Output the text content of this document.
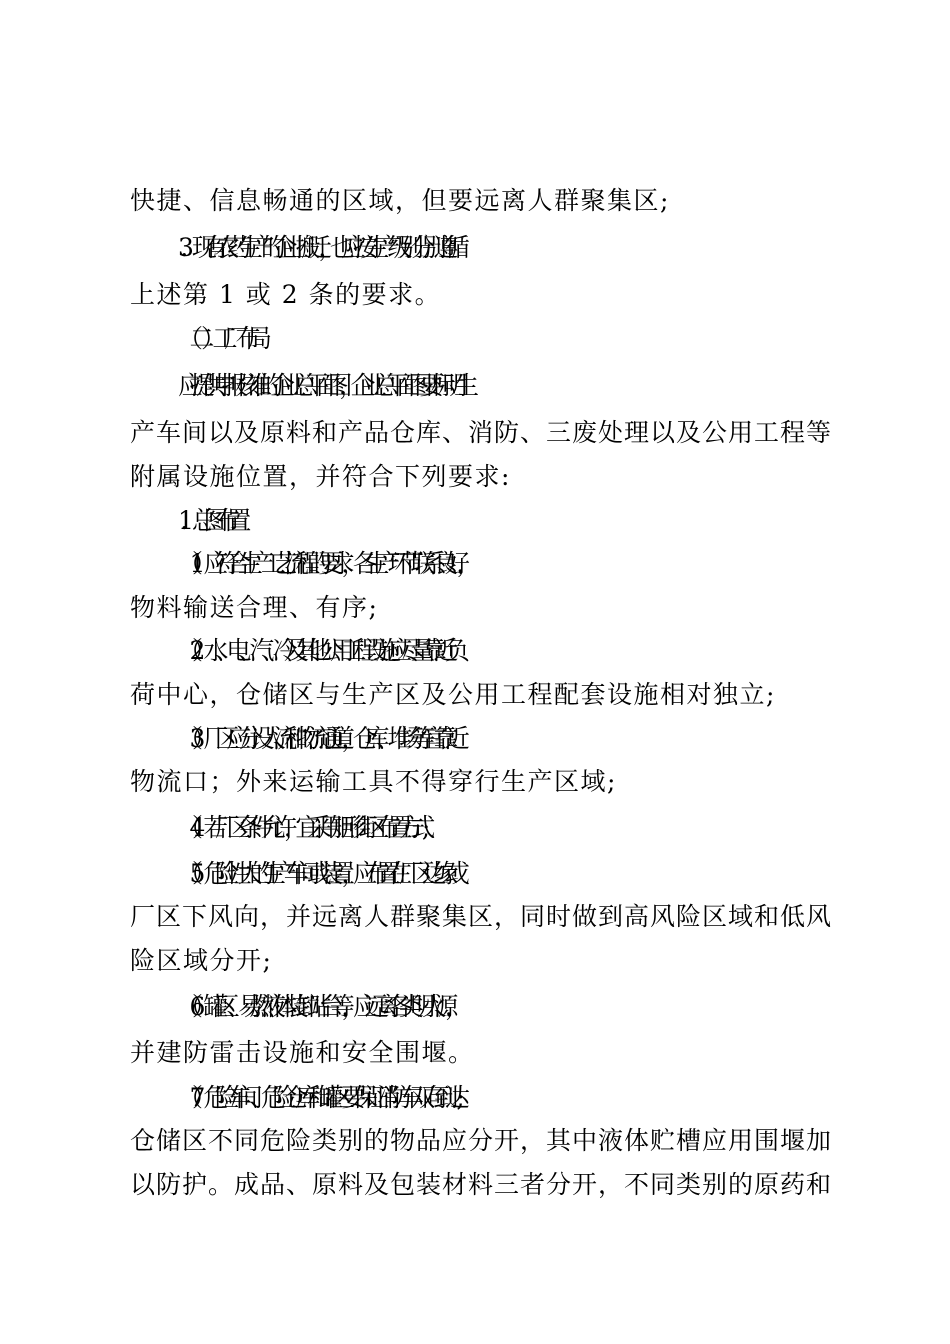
快捷、信息畅通的区域，但要远离人群聚集区;
3．现有农药生产的企业搬迁，也应按生产级别分别遵循
上述第 1 或 2 条的要求。
（二）工厂布局
应提供申报核准的企业总平面图，企业总平面图要标明生
产车间以及原料和产品仓库、消防、三废处理以及公用工程等
附属设施位置，并符合下列要求:
1．总图布置
（1）应符合生产工艺流程的要求，各生产环节联系良好，
物料输送合理、有序;
（2）水、电、汽、冷及其他公用工程设施应尽量靠近负
荷中心，仓储区与生产区及公用工程配套设施相对独立;
（3）厂区应分设人流和物流通道，仓库、堆场等宜靠近
物流口；外来运输工具不得穿行生产区域;
（4）若厂区条件允许，宜采用矩形街区布置方式;
（5）危险性大的生产车间或装置，应布置在厂区边缘或
厂区下风向，并远离人群聚集区，同时做到高风险区域和低风
险区域分开;
（6）罐区、易燃液体装卸站台等，应远离各类明火源，
并建防雷击设施和安全围堰。
（7）危险车间、危险仓库和罐区要保证消防车双向到达;
仓储区不同危险类别的物品应分开，其中液体贮槽应用围堰加
以防护。成品、原料及包装材料三者分开，不同类别的原药和
